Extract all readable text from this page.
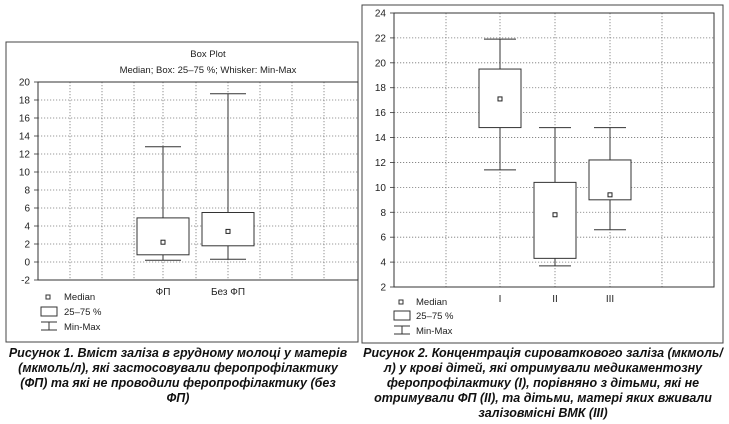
Box Plot
Median; Box: 25–75 %; Whisker: Min-Max
-2
0
2
4
6
8
10
12
14
16
18
20
ФП	Без ФП
Median
25–75 %
Min-Max
2
4
6
8
10
12
14
16
18
20
22
24
I	II	III
Median
25–75 %
Min-Max
Рисунок 1. Вміст заліза в грудному молоці у матерів (мкмоль/л), які застосовували феропрофілактику (ФП) та які не проводили феропрофілактику (без ФП)
Рисунок 2. Концентрація сироваткового заліза (мкмоль/л) у крові дітей, які отримували медикаментозну феропрофілактику (I), порівняно з дітьми, які не отримували ФП (II), та дітьми, матері яких вживали залізовмісні ВМК (III)
